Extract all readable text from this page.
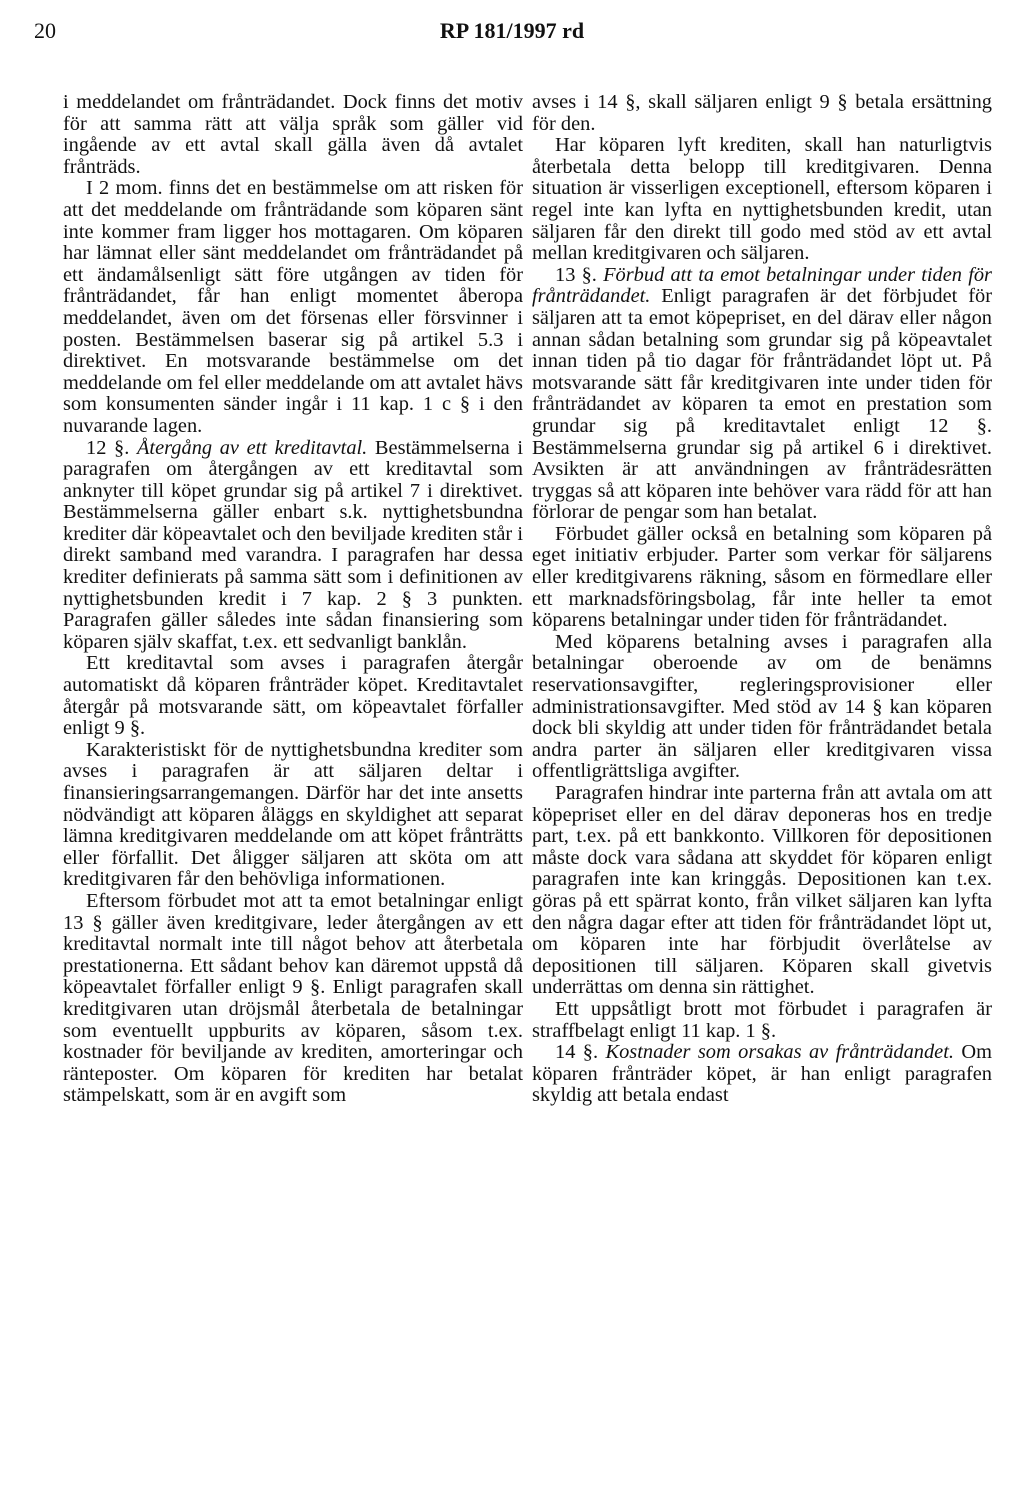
20	RP 181/1997 rd

i meddelandet om frånträdandet. Dock finns det motiv för att samma rätt att välja språk som gäller vid ingående av ett avtal skall gälla även då avtalet frånträds.

I 2 mom. finns det en bestämmelse om att risken för att det meddelande om frånträdande som köparen sänt inte kommer fram ligger hos mottagaren. Om köparen har lämnat eller sänt meddelandet om frånträdandet på ett ändamålsenligt sätt före utgången av tiden för frånträdandet, får han enligt momentet åberopa meddelandet, även om det försenas eller försvinner i posten. Bestämmelsen baserar sig på artikel 5.3 i direktivet. En motsvarande bestämmelse om det meddelande om fel eller meddelande om att avtalet hävs som konsumenten sänder ingår i 11 kap. 1 c § i den nuvarande lagen.

12 §. Återgång av ett kreditavtal. Bestämmelserna i paragrafen om återgången av ett kreditavtal som anknyter till köpet grundar sig på artikel 7 i direktivet. Bestämmelserna gäller enbart s.k. nyttighetsbundna krediter där köpeavtalet och den beviljade krediten står i direkt samband med varandra. I paragrafen har dessa krediter definierats på samma sätt som i definitionen av nyttighetsbunden kredit i 7 kap. 2 § 3 punkten. Paragrafen gäller således inte sådan finansiering som köparen själv skaffat, t.ex. ett sedvanligt banklån.

Ett kreditavtal som avses i paragrafen återgår automatiskt då köparen frånträder köpet. Kreditavtalet återgår på motsvarande sätt, om köpeavtalet förfaller enligt 9 §.

Karakteristiskt för de nyttighetsbundna krediter som avses i paragrafen är att säljaren deltar i finansieringsarrangemangen. Därför har det inte ansetts nödvändigt att köparen åläggs en skyldighet att separat lämna kreditgivaren meddelande om att köpet frånträtts eller förfallit. Det åligger säljaren att sköta om att kreditgivaren får den behövliga informationen.

Eftersom förbudet mot att ta emot betalningar enligt 13 § gäller även kreditgivare, leder återgången av ett kreditavtal normalt inte till något behov att återbetala prestationerna. Ett sådant behov kan däremot uppstå då köpeavtalet förfaller enligt 9 §. Enligt paragrafen skall kreditgivaren utan dröjsmål återbetala de betalningar som eventuellt uppburits av köparen, såsom t.ex. kostnader för beviljande av krediten, amorteringar och ränteposter. Om köparen för krediten har betalat stämpelskatt, som är en avgift som

avses i 14 §, skall säljaren enligt 9 § betala ersättning för den.

Har köparen lyft krediten, skall han naturligtvis återbetala detta belopp till kreditgivaren. Denna situation är visserligen exceptionell, eftersom köparen i regel inte kan lyfta en nyttighetsbunden kredit, utan säljaren får den direkt till godo med stöd av ett avtal mellan kreditgivaren och säljaren.

13 §. Förbud att ta emot betalningar under tiden för frånträdandet. Enligt paragrafen är det förbjudet för säljaren att ta emot köpepriset, en del därav eller någon annan sådan betalning som grundar sig på köpeavtalet innan tiden på tio dagar för frånträdandet löpt ut. På motsvarande sätt får kreditgivaren inte under tiden för frånträdandet av köparen ta emot en prestation som grundar sig på kreditavtalet enligt 12 §. Bestämmelserna grundar sig på artikel 6 i direktivet. Avsikten är att användningen av frånträdesrätten tryggas så att köparen inte behöver vara rädd för att han förlorar de pengar som han betalat.

Förbudet gäller också en betalning som köparen på eget initiativ erbjuder. Parter som verkar för säljarens eller kreditgivarens räkning, såsom en förmedlare eller ett marknadsföringsbolag, får inte heller ta emot köparens betalningar under tiden för frånträdandet.

Med köparens betalning avses i paragrafen alla betalningar oberoende av om de benämns reservationsavgifter, regleringsprovisioner eller administrationsavgifter. Med stöd av 14 § kan köparen dock bli skyldig att under tiden för frånträdandet betala andra parter än säljaren eller kreditgivaren vissa offentligrättsliga avgifter.

Paragrafen hindrar inte parterna från att avtala om att köpepriset eller en del därav deponeras hos en tredje part, t.ex. på ett bankkonto. Villkoren för depositionen måste dock vara sådana att skyddet för köparen enligt paragrafen inte kan kringgås. Depositionen kan t.ex. göras på ett spärrat konto, från vilket säljaren kan lyfta den några dagar efter att tiden för frånträdandet löpt ut, om köparen inte har förbjudit överlåtelse av depositionen till säljaren. Köparen skall givetvis underrättas om denna sin rättighet.

Ett uppsåtligt brott mot förbudet i paragrafen är straffbelagt enligt 11 kap. 1 §.

14 §. Kostnader som orsakas av frånträdandet. Om köparen frånträder köpet, är han enligt paragrafen skyldig att betala endast
